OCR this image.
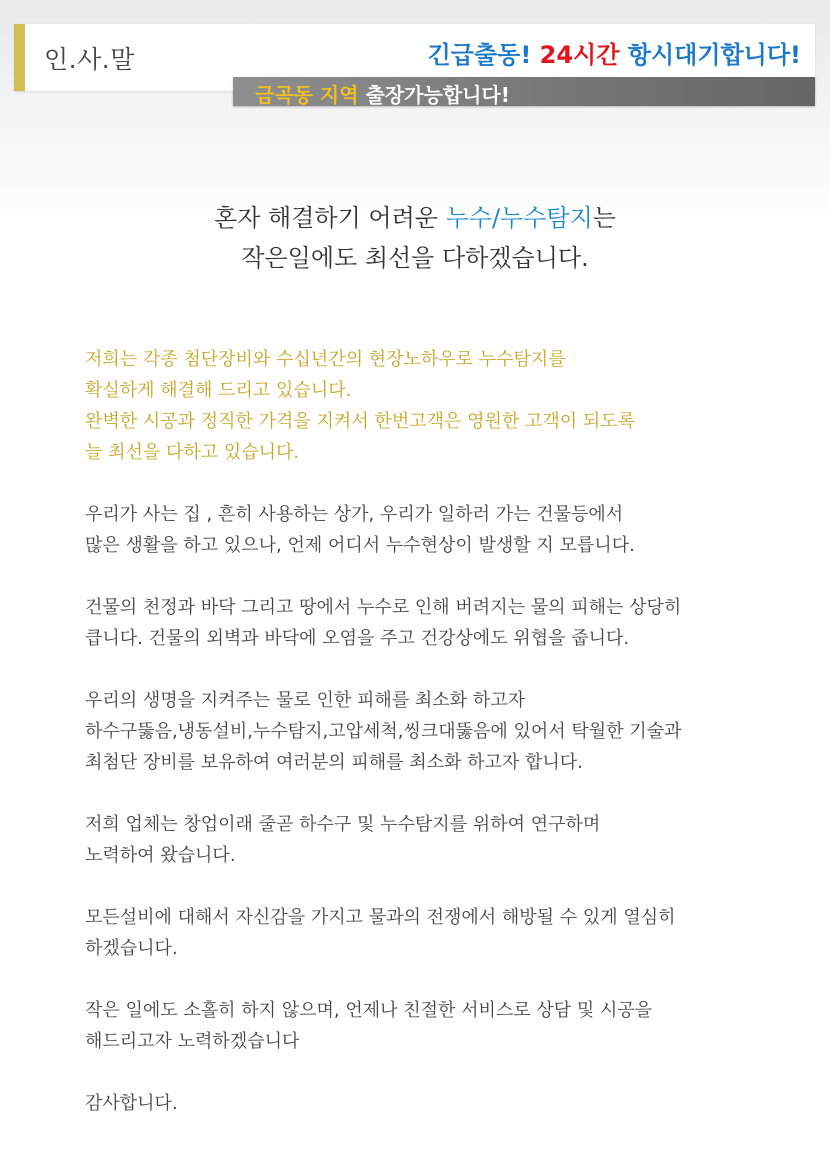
인.사.말	긴급출동! 24시간 항시대기합니다!
금곡동 지역 출장가능합니다!
혼자 해결하기 어려운 누수/누수탐지는
작은일에도 최선을 다하겠습니다.

저희는 각종 첨단장비와 수십년간의 현장노하우로 누수탐지를
확실하게 해결해 드리고 있습니다.
완벽한 시공과 정직한 가격을 지켜서 한번고객은 영원한 고객이 되도록
늘 최선을 다하고 있습니다.

우리가 사는 집 , 흔히 사용하는 상가, 우리가 일하러 가는 건물등에서
많은 생활을 하고 있으나, 언제 어디서 누수현상이 발생할 지 모릅니다.

건물의 천정과 바닥 그리고 땅에서 누수로 인해 버려지는 물의 피해는 상당히
큽니다. 건물의 외벽과 바닥에 오염을 주고 건강상에도 위협을 줍니다.

우리의 생명을 지켜주는 물로 인한 피해를 최소화 하고자
하수구뚫음,냉동설비,누수탐지,고압세척,씽크대뚫음에 있어서 탁월한 기술과
최첨단 장비를 보유하여 여러분의 피해를 최소화 하고자 합니다.

저희 업체는 창업이래 줄곧 하수구 및 누수탐지를 위하여 연구하며
노력하여 왔습니다.

모든설비에 대해서 자신감을 가지고 물과의 전쟁에서 해방될 수 있게 열심히
하겠습니다.

작은 일에도 소홀히 하지 않으며, 언제나 친절한 서비스로 상담 및 시공을
해드리고자 노력하겠습니다

감사합니다.
